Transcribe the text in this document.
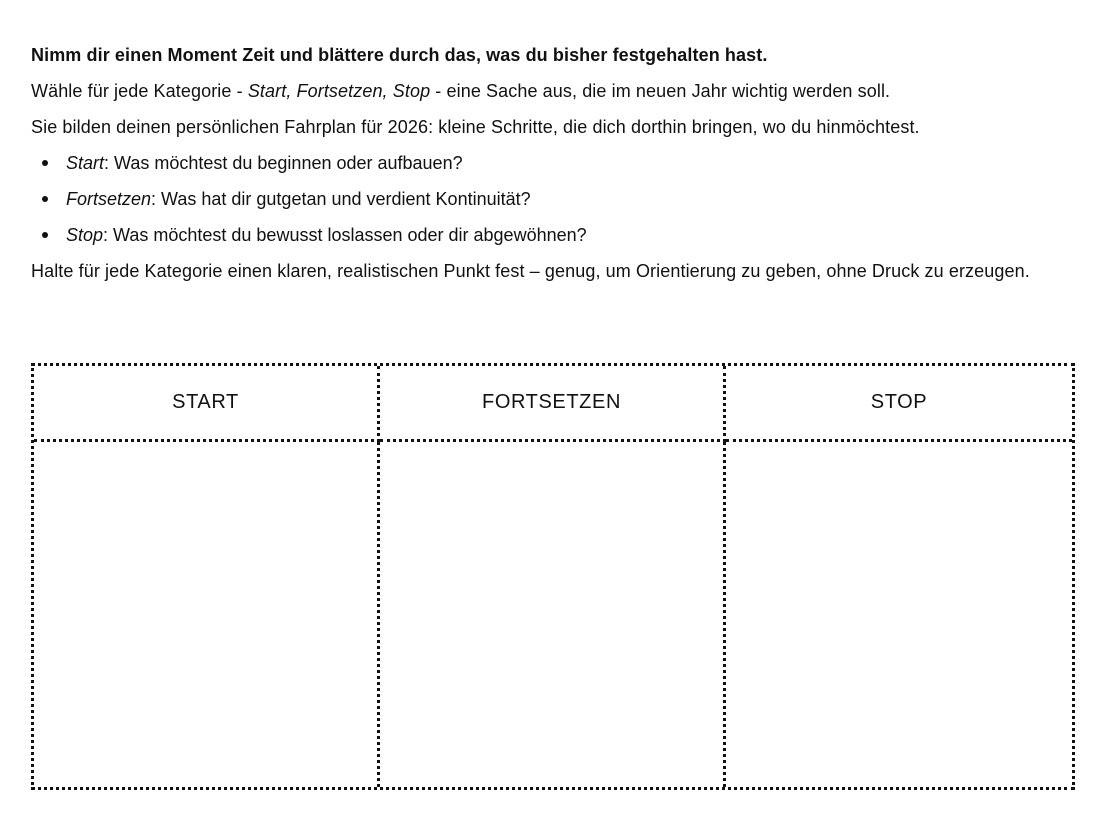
Nimm dir einen Moment Zeit und blättere durch das, was du bisher festgehalten hast.

Wähle für jede Kategorie - Start, Fortsetzen, Stop - eine Sache aus, die im neuen Jahr wichtig werden soll.

Sie bilden deinen persönlichen Fahrplan für 2026: kleine Schritte, die dich dorthin bringen, wo du hinmöchtest.

Start: Was möchtest du beginnen oder aufbauen?
Fortsetzen: Was hat dir gutgetan und verdient Kontinuität?
Stop: Was möchtest du bewusst loslassen oder dir abgewöhnen?

Halte für jede Kategorie einen klaren, realistischen Punkt fest – genug, um Orientierung zu geben, ohne Druck zu erzeugen.

START	FORTSETZEN	STOP
